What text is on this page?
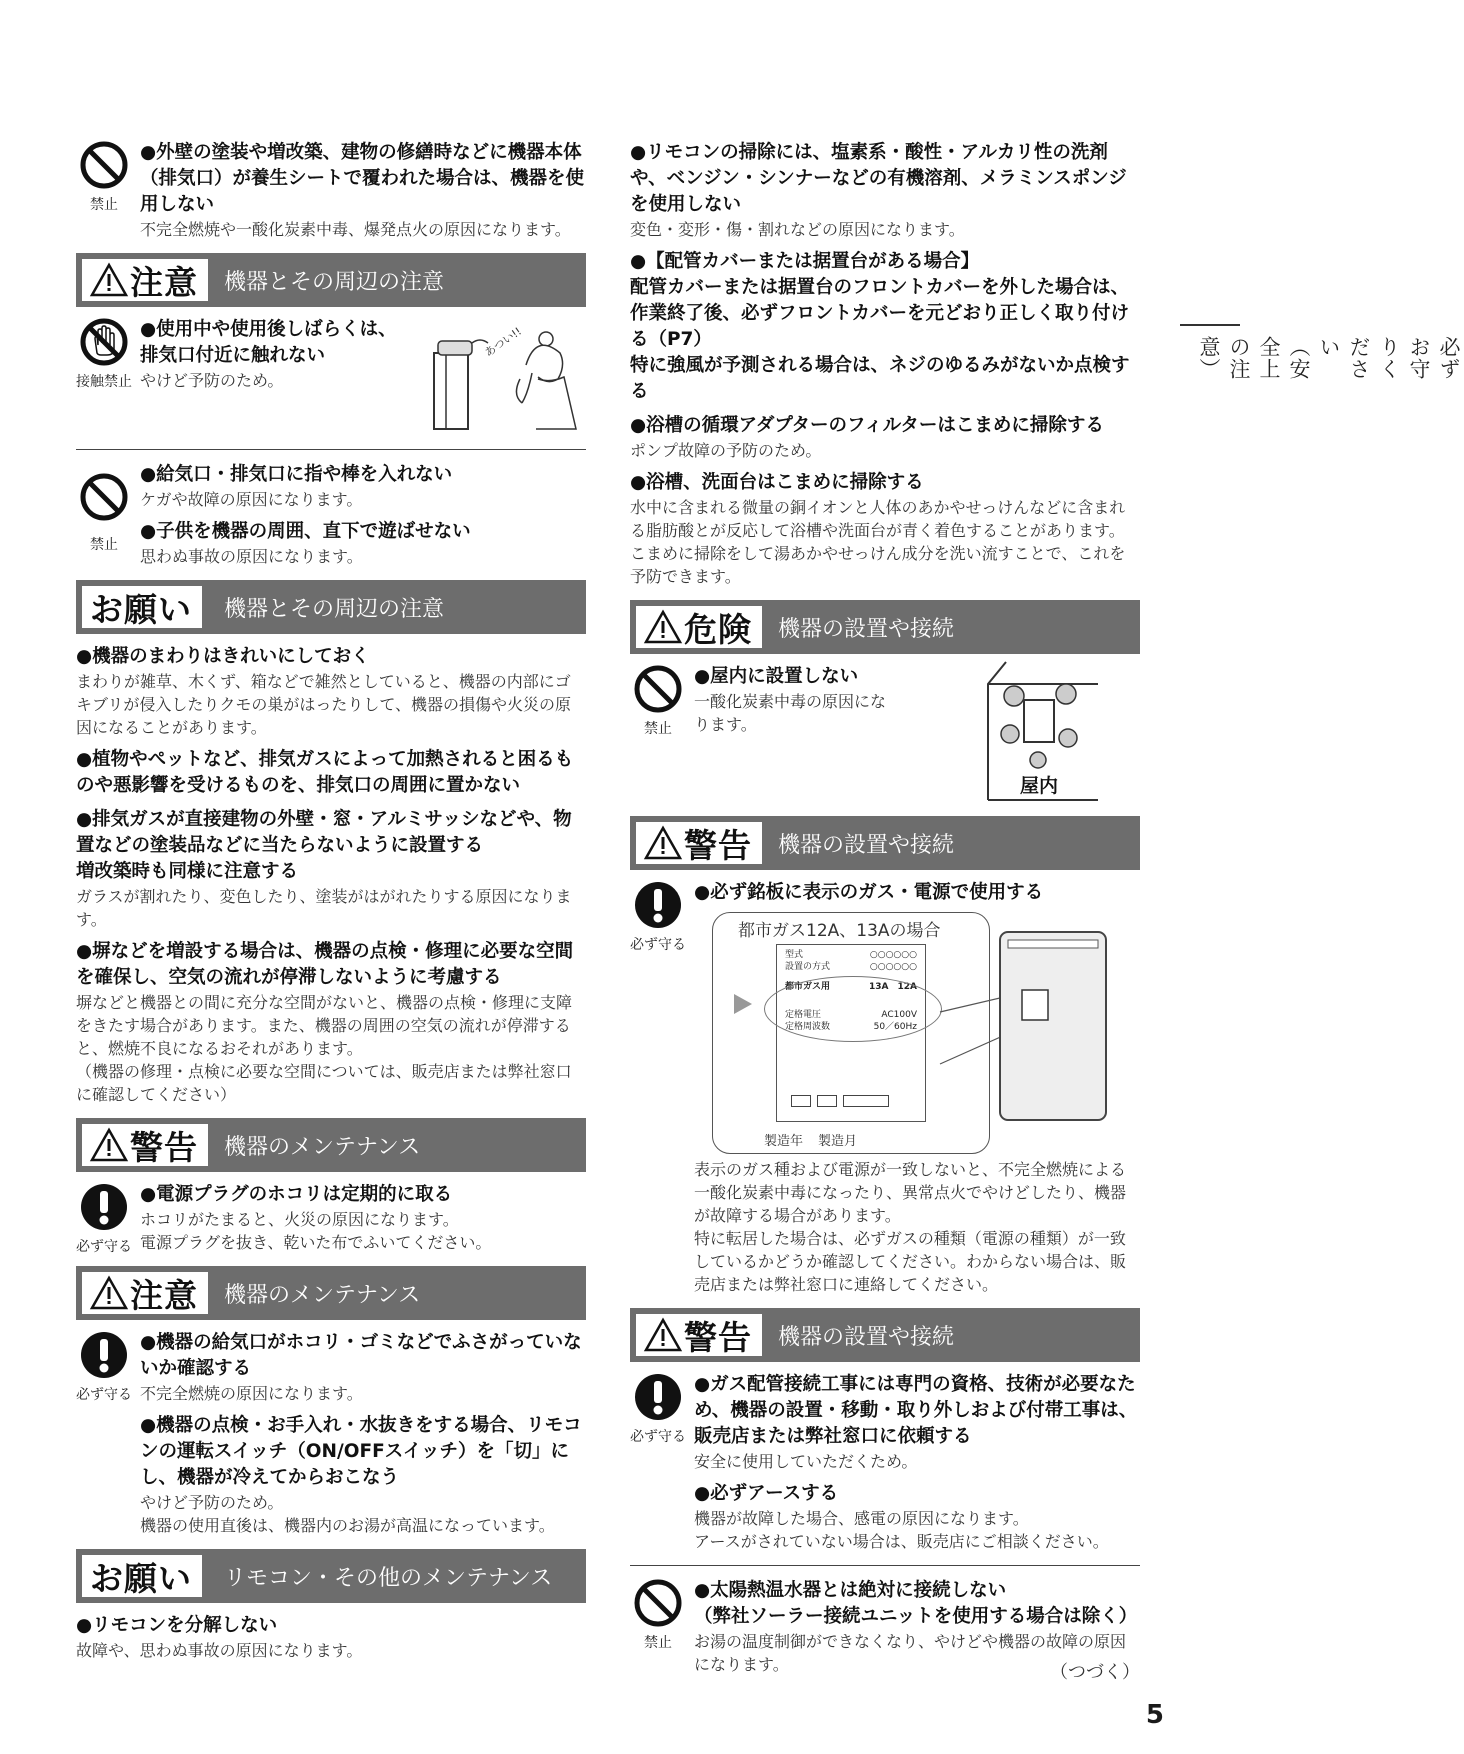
禁止
●外壁の塗装や増改築、建物の修繕時などに機器本体（排気口）が養生シートで覆われた場合は、機器を使用しない
不完全燃焼や一酸化炭素中毒、爆発点火の原因になります。
注意 機器とその周辺の注意
接触禁止
●使用中や使用後しばらくは、排気口付近に触れない
やけど予防のため。
あつい!!
禁止
●給気口・排気口に指や棒を入れない
ケガや故障の原因になります。
●子供を機器の周囲、直下で遊ばせない
思わぬ事故の原因になります。
お願い 機器とその周辺の注意
●機器のまわりはきれいにしておく
まわりが雑草、木くず、箱などで雑然としていると、機器の内部にゴキブリが侵入したりクモの巣がはったりして、機器の損傷や火災の原因になることがあります。
●植物やペットなど、排気ガスによって加熱されると困るものや悪影響を受けるものを、排気口の周囲に置かない
●排気ガスが直接建物の外壁・窓・アルミサッシなどや、物置などの塗装品などに当たらないように設置する
増改築時も同様に注意する
ガラスが割れたり、変色したり、塗装がはがれたりする原因になります。
●塀などを増設する場合は、機器の点検・修理に必要な空間を確保し、空気の流れが停滞しないように考慮する
塀などと機器との間に充分な空間がないと、機器の点検・修理に支障をきたす場合があります。また、機器の周囲の空気の流れが停滞すると、燃焼不良になるおそれがあります。
（機器の修理・点検に必要な空間については、販売店または弊社窓口に確認してください）
警告 機器のメンテナンス
必ず守る
●電源プラグのホコリは定期的に取る
ホコリがたまると、火災の原因になります。
電源プラグを抜き、乾いた布でふいてください。
注意 機器のメンテナンス
必ず守る
●機器の給気口がホコリ・ゴミなどでふさがっていないか確認する
不完全燃焼の原因になります。
●機器の点検・お手入れ・水抜きをする場合、リモコンの運転スイッチ（ON/OFFスイッチ）を「切」にし、機器が冷えてからおこなう
やけど予防のため。
機器の使用直後は、機器内のお湯が高温になっています。
お願い リモコン・その他のメンテナンス
●リモコンを分解しない
故障や、思わぬ事故の原因になります。
●リモコンの掃除には、塩素系・酸性・アルカリ性の洗剤や、ベンジン・シンナーなどの有機溶剤、メラミンスポンジを使用しない
変色・変形・傷・割れなどの原因になります。
●【配管カバーまたは据置台がある場合】
配管カバーまたは据置台のフロントカバーを外した場合は、作業終了後、必ずフロントカバーを元どおり正しく取り付ける（P7）
特に強風が予測される場合は、ネジのゆるみがないか点検する
●浴槽の循環アダプターのフィルターはこまめに掃除する
ポンプ故障の予防のため。
●浴槽、洗面台はこまめに掃除する
水中に含まれる微量の銅イオンと人体のあかやせっけんなどに含まれる脂肪酸とが反応して浴槽や洗面台が青く着色することがあります。こまめに掃除をして湯あかやせっけん成分を洗い流すことで、これを予防できます。
危険 機器の設置や接続
禁止
●屋内に設置しない
一酸化炭素中毒の原因になります。
屋内
警告 機器の設置や接続
必ず守る
●必ず銘板に表示のガス・電源で使用する
都市ガス12A、13Aの場合
型式	○○○○○○
設置の方式	○○○○○○
都市ガス用	13A　12A
定格電圧	AC100V
定格周波数	50／60Hz
製造年 製造月
表示のガス種および電源が一致しないと、不完全燃焼による一酸化炭素中毒になったり、異常点火でやけどしたり、機器が故障する場合があります。
特に転居した場合は、必ずガスの種類（電源の種類）が一致しているかどうか確認してください。わからない場合は、販売店または弊社窓口に連絡してください。
警告 機器の設置や接続
必ず守る
●ガス配管接続工事には専門の資格、技術が必要なため、機器の設置・移動・取り外しおよび付帯工事は、販売店または弊社窓口に依頼する
安全に使用していただくため。
●必ずアースする
機器が故障した場合、感電の原因になります。
アースがされていない場合は、販売店にご相談ください。
禁止
●太陽熱温水器とは絶対に接続しない
（弊社ソーラー接続ユニットを使用する場合は除く）
お湯の温度制御ができなくなり、やけどや機器の故障の原因になります。
必ずお守りください（安全上の注意）
（つづく）
5
